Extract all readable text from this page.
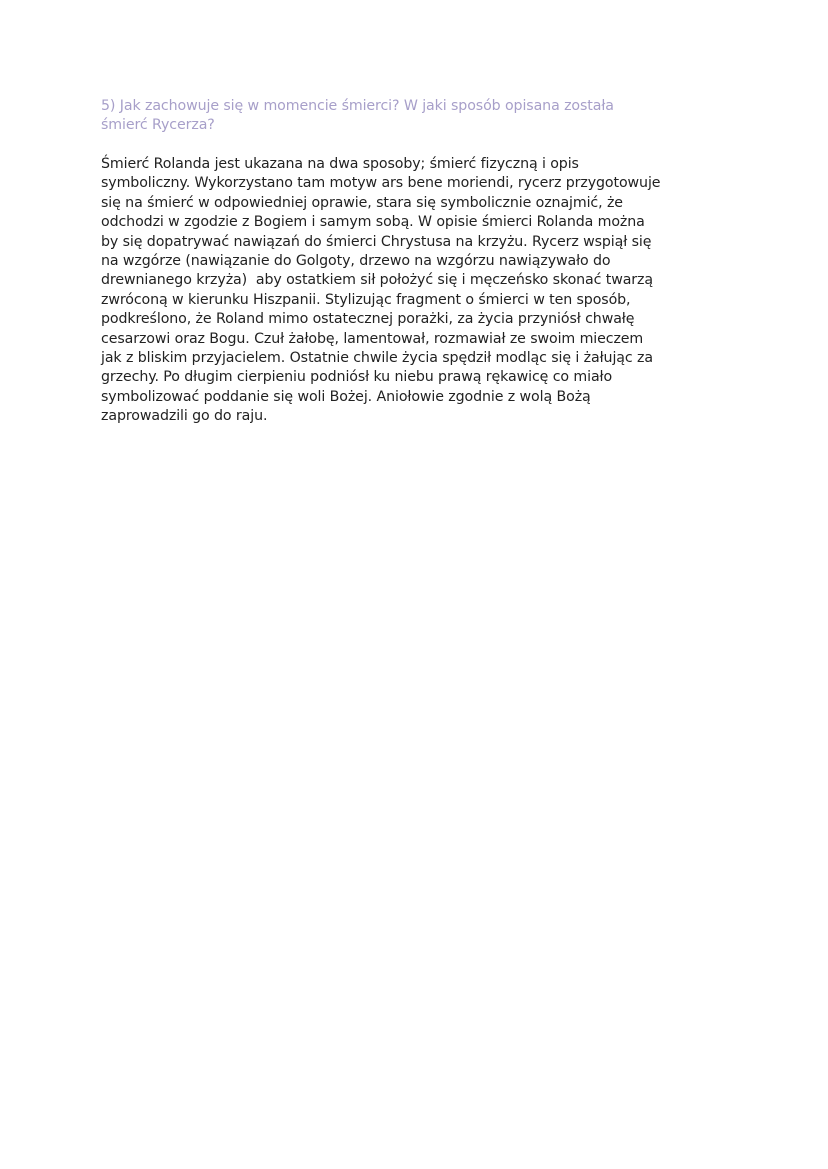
5) Jak zachowuje się w momencie śmierci? W jaki sposób opisana została
śmierć Rycerza?

Śmierć Rolanda jest ukazana na dwa sposoby; śmierć fizyczną i opis
symboliczny. Wykorzystano tam motyw ars bene moriendi, rycerz przygotowuje
się na śmierć w odpowiedniej oprawie, stara się symbolicznie oznajmić, że
odchodzi w zgodzie z Bogiem i samym sobą. W opisie śmierci Rolanda można
by się dopatrywać nawiązań do śmierci Chrystusa na krzyżu. Rycerz wspiął się
na wzgórze (nawiązanie do Golgoty, drzewo na wzgórzu nawiązywało do
drewnianego krzyża)  aby ostatkiem sił położyć się i męczeńsko skonać twarzą
zwróconą w kierunku Hiszpanii. Stylizując fragment o śmierci w ten sposób,
podkreślono, że Roland mimo ostatecznej porażki, za życia przyniósł chwałę
cesarzowi oraz Bogu. Czuł żałobę, lamentował, rozmawiał ze swoim mieczem
jak z bliskim przyjacielem. Ostatnie chwile życia spędził modląc się i żałując za
grzechy. Po długim cierpieniu podniósł ku niebu prawą rękawicę co miało
symbolizować poddanie się woli Bożej. Aniołowie zgodnie z wolą Bożą
zaprowadzili go do raju.
